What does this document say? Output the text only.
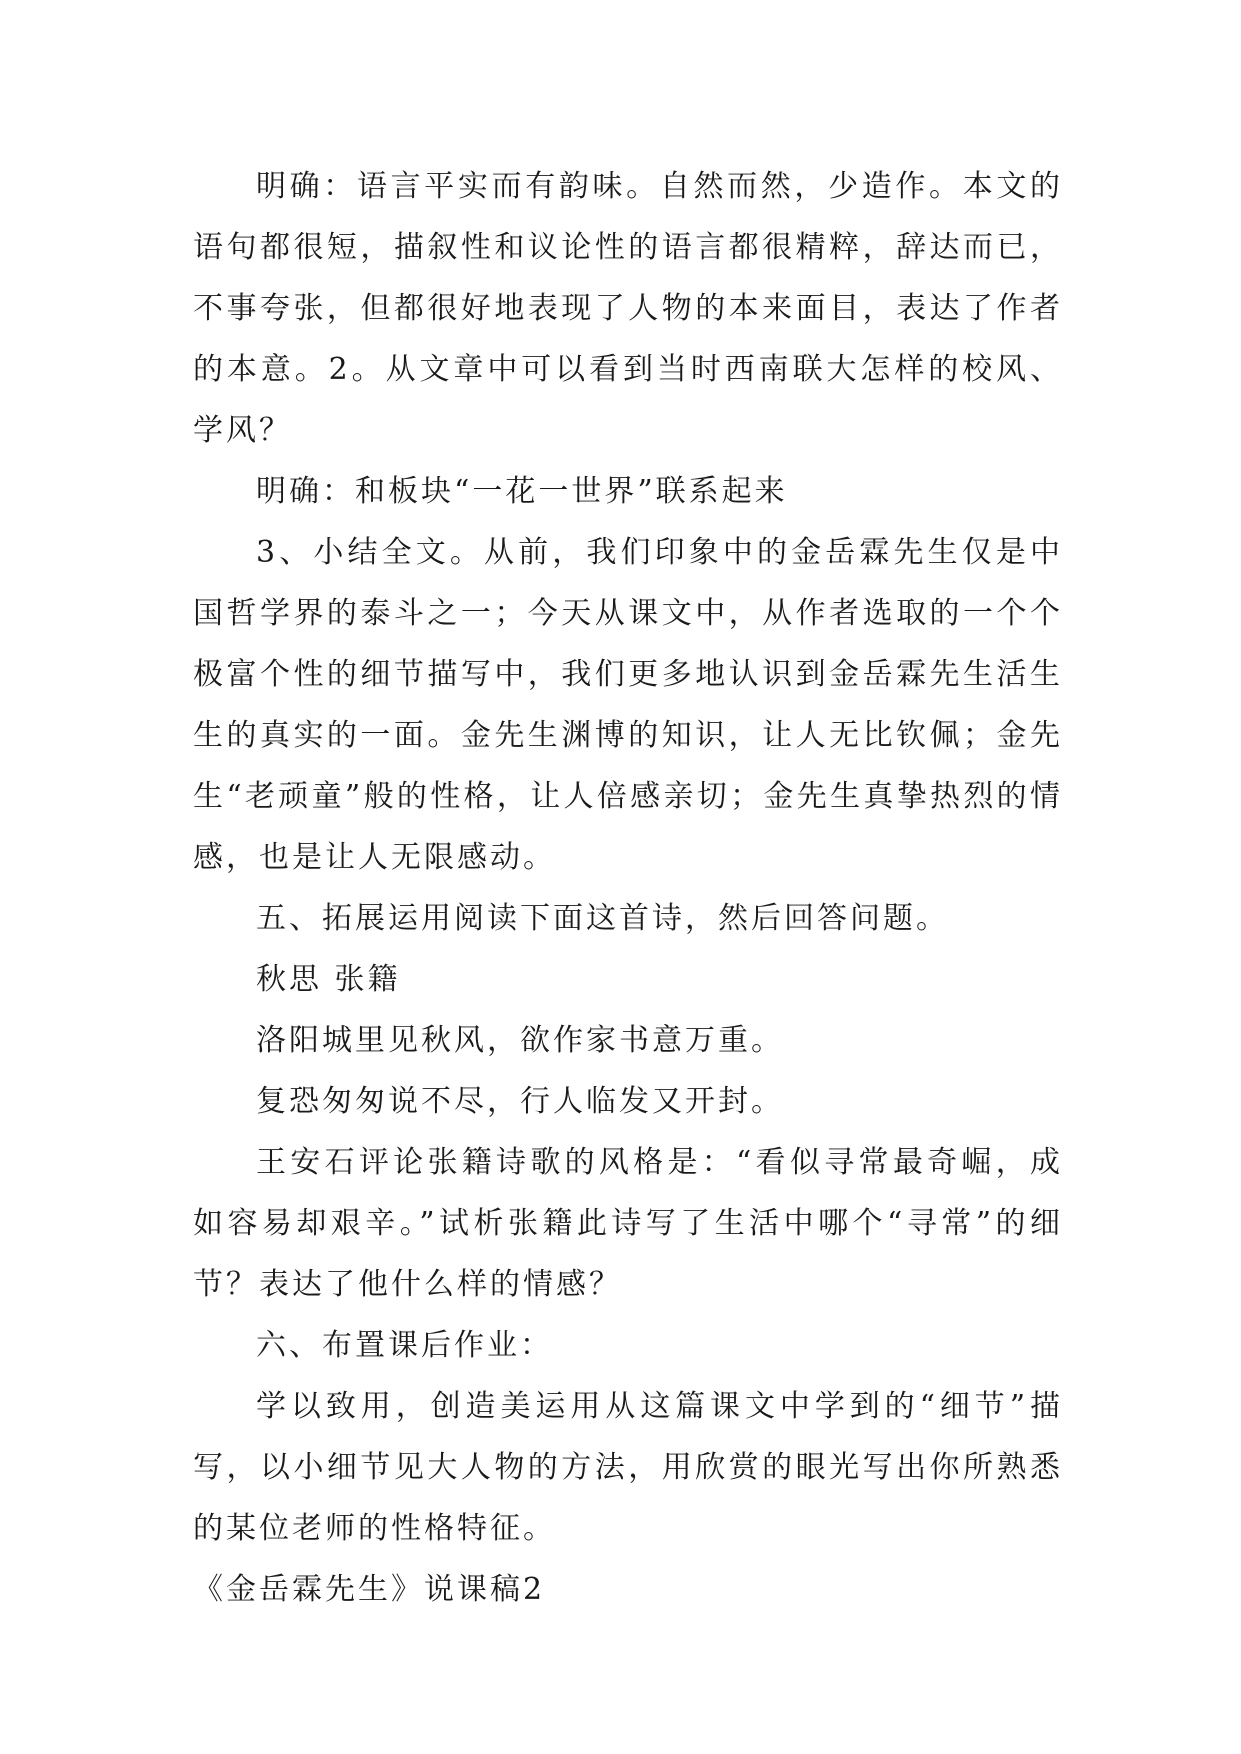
明确：语言平实而有韵味。自然而然，少造作。本文的语句都很短，描叙性和议论性的语言都很精粹，辞达而已，不事夸张，但都很好地表现了人物的本来面目，表达了作者的本意。2。从文章中可以看到当时西南联大怎样的校风、学风？

明确：和板块“一花一世界”联系起来

3、小结全文。从前，我们印象中的金岳霖先生仅是中国哲学界的泰斗之一；今天从课文中，从作者选取的一个个极富个性的细节描写中，我们更多地认识到金岳霖先生活生生的真实的一面。金先生渊博的知识，让人无比钦佩；金先生“老顽童”般的性格，让人倍感亲切；金先生真挚热烈的情感，也是让人无限感动。

五、拓展运用阅读下面这首诗，然后回答问题。

秋思 张籍

洛阳城里见秋风，欲作家书意万重。

复恐匆匆说不尽，行人临发又开封。

王安石评论张籍诗歌的风格是：“看似寻常最奇崛，成如容易却艰辛。”试析张籍此诗写了生活中哪个“寻常”的细节？表达了他什么样的情感？

六、布置课后作业：

学以致用，创造美运用从这篇课文中学到的“细节”描写，以小细节见大人物的方法，用欣赏的眼光写出你所熟悉的某位老师的性格特征。

《金岳霖先生》说课稿2
